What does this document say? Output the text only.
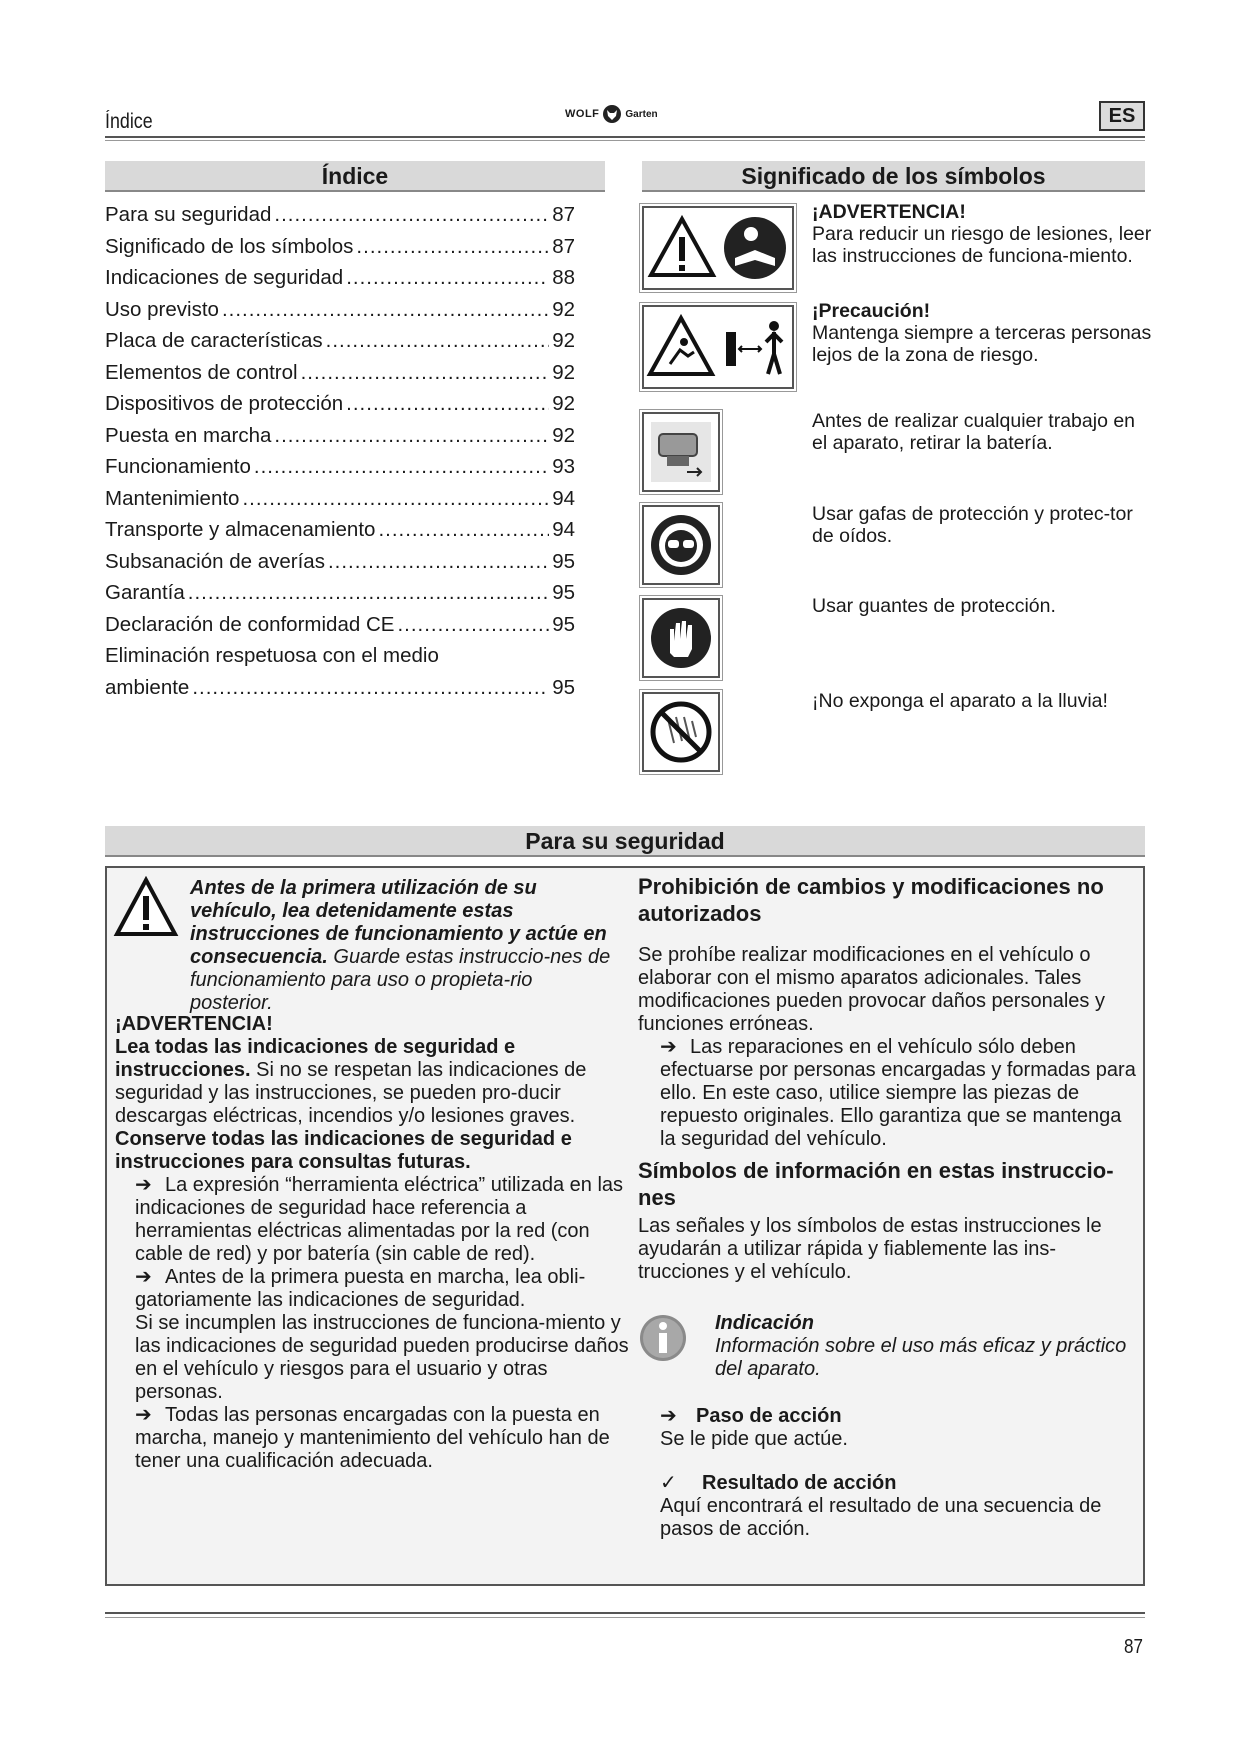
Índice	WOLF	Garten	ES
Índice
Para su seguridad .....	87
Significado de los símbolos .....	87
Indicaciones de seguridad .....	88
Uso previsto .....	92
Placa de características .....	92
Elementos de control .....	92
Dispositivos de protección .....	92
Puesta en marcha .....	92
Funcionamiento .....	93
Mantenimiento .....	94
Transporte y almacenamiento .....	94
Subsanación de averías .....	95
Garantía .....	95
Declaración de conformidad CE .....	95
Eliminación respetuosa con el medio
ambiente .....	95
Significado de los símbolos
¡ADVERTENCIA!
Para reducir un riesgo de lesiones, leer las instrucciones de funciona-miento.
¡Precaución!
Mantenga siempre a terceras personas lejos de la zona de riesgo.
Antes de realizar cualquier trabajo en el aparato, retirar la batería.
Usar gafas de protección y protec-tor de oídos.
Usar guantes de protección.
¡No exponga el aparato a la lluvia!
Para su seguridad
Antes de la primera utilización de su vehículo, lea detenidamente estas instrucciones de funcionamiento y actúe en consecuencia. Guarde estas instruccio-nes de funcionamiento para uso o propieta-rio posterior.

¡ADVERTENCIA!

Lea todas las indicaciones de seguridad e instrucciones. Si no se respetan las indicaciones de seguridad y las instrucciones, se pueden pro-ducir descargas eléctricas, incendios y/o lesiones graves.

Conserve todas las indicaciones de seguridad e instrucciones para consultas futuras.

➔ La expresión “herramienta eléctrica” utilizada en las indicaciones de seguridad hace referencia a herramientas eléctricas alimentadas por la red (con cable de red) y por batería (sin cable de red).

➔ Antes de la primera puesta en marcha, lea obli-gatoriamente las indicaciones de seguridad.

Si se incumplen las instrucciones de funciona-miento y las indicaciones de seguridad pueden producirse daños en el vehículo y riesgos para el usuario y otras personas.

➔ Todas las personas encargadas con la puesta en marcha, manejo y mantenimiento del vehículo han de tener una cualificación adecuada.

Prohibición de cambios y modificaciones no autorizados

Se prohíbe realizar modificaciones en el vehículo o elaborar con el mismo aparatos adicionales. Tales modificaciones pueden provocar daños personales y funciones erróneas.

➔ Las reparaciones en el vehículo sólo deben efectuarse por personas encargadas y formadas para ello. En este caso, utilice siempre las piezas de repuesto originales. Ello garantiza que se mantenga la seguridad del vehículo.

Símbolos de información en estas instruccio-nes

Las señales y los símbolos de estas instrucciones le ayudarán a utilizar rápida y fiablemente las ins-trucciones y el vehículo.

Indicación

Información sobre el uso más eficaz y práctico del aparato.

➔ Paso de acción

Se le pide que actúe.

✓ Resultado de acción

Aquí encontrará el resultado de una secuencia de pasos de acción.

87
